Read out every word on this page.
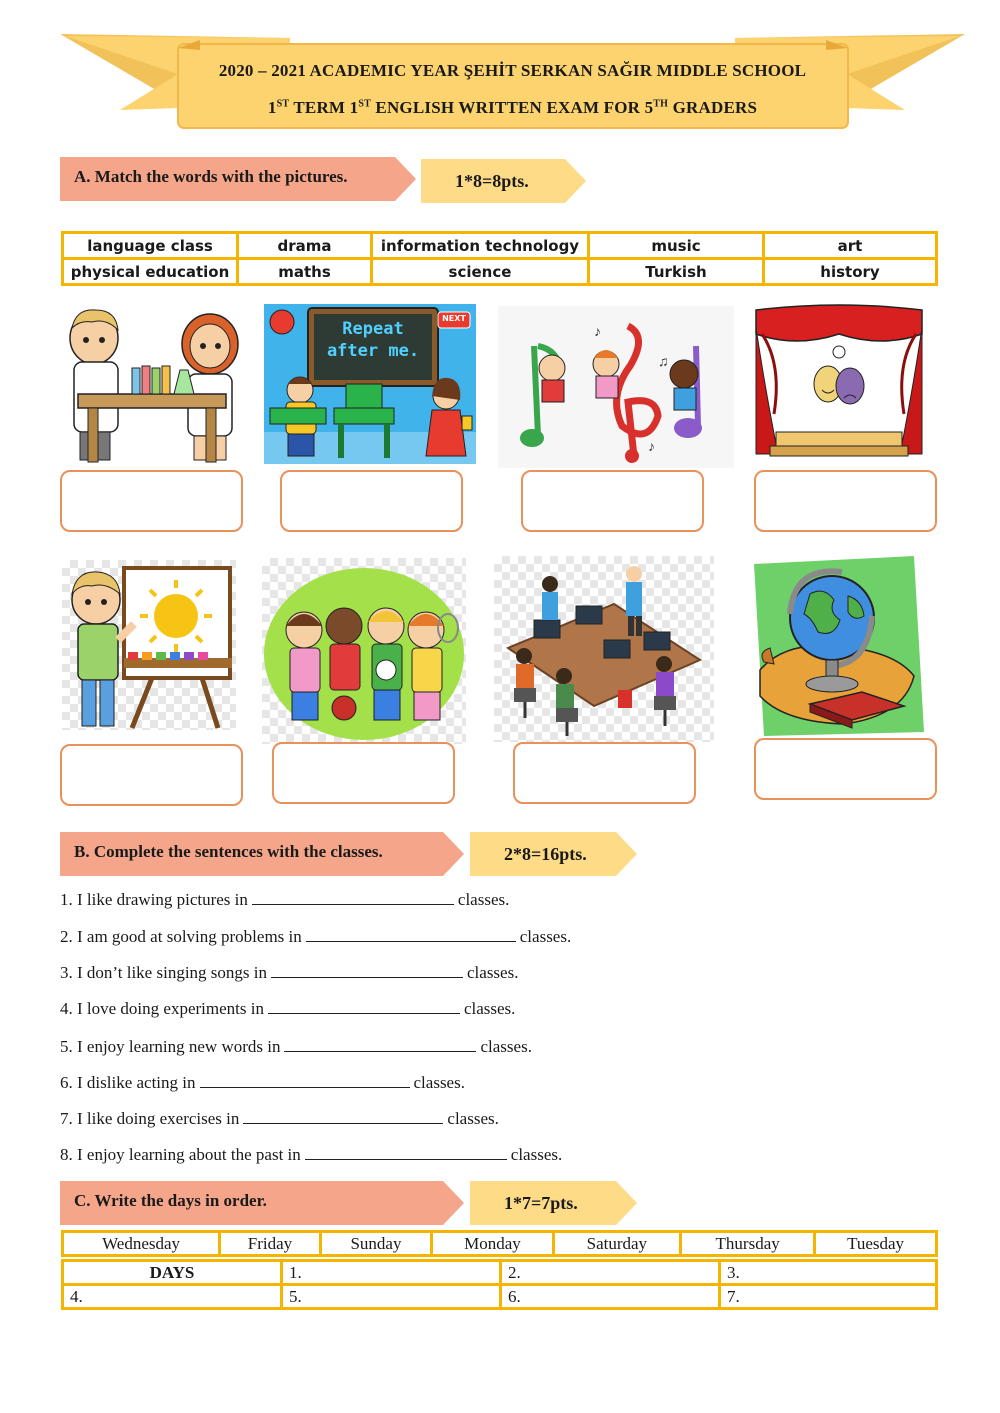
2020 – 2021 ACADEMIC YEAR ŞEHİT SERKAN SAĞIR MIDDLE SCHOOL
1ST TERM 1ST ENGLISH WRITTEN EXAM FOR 5TH GRADERS
A. Match the words with the pictures.	1*8=8pts.
language class	drama	information technology	music	art
physical education	maths	science	Turkish	history
Repeat
after me.
NEXT
♪
♫
♪
B. Complete the sentences with the classes.	2*8=16pts.
1. I like drawing pictures in	classes.
2. I am good at solving problems in	classes.
3. I don’t like singing songs in	classes.
4. I love doing experiments in	classes.
5. I enjoy learning new words in	classes.
6. I dislike acting in	classes.
7. I like doing exercises in	classes.
8. I enjoy learning about the past in	classes.
C. Write the days in order.	1*7=7pts.
Wednesday	Friday	Sunday	Monday	Saturday	Thursday	Tuesday
DAYS	1.	2.	3.
4.	5.	6.	7.
